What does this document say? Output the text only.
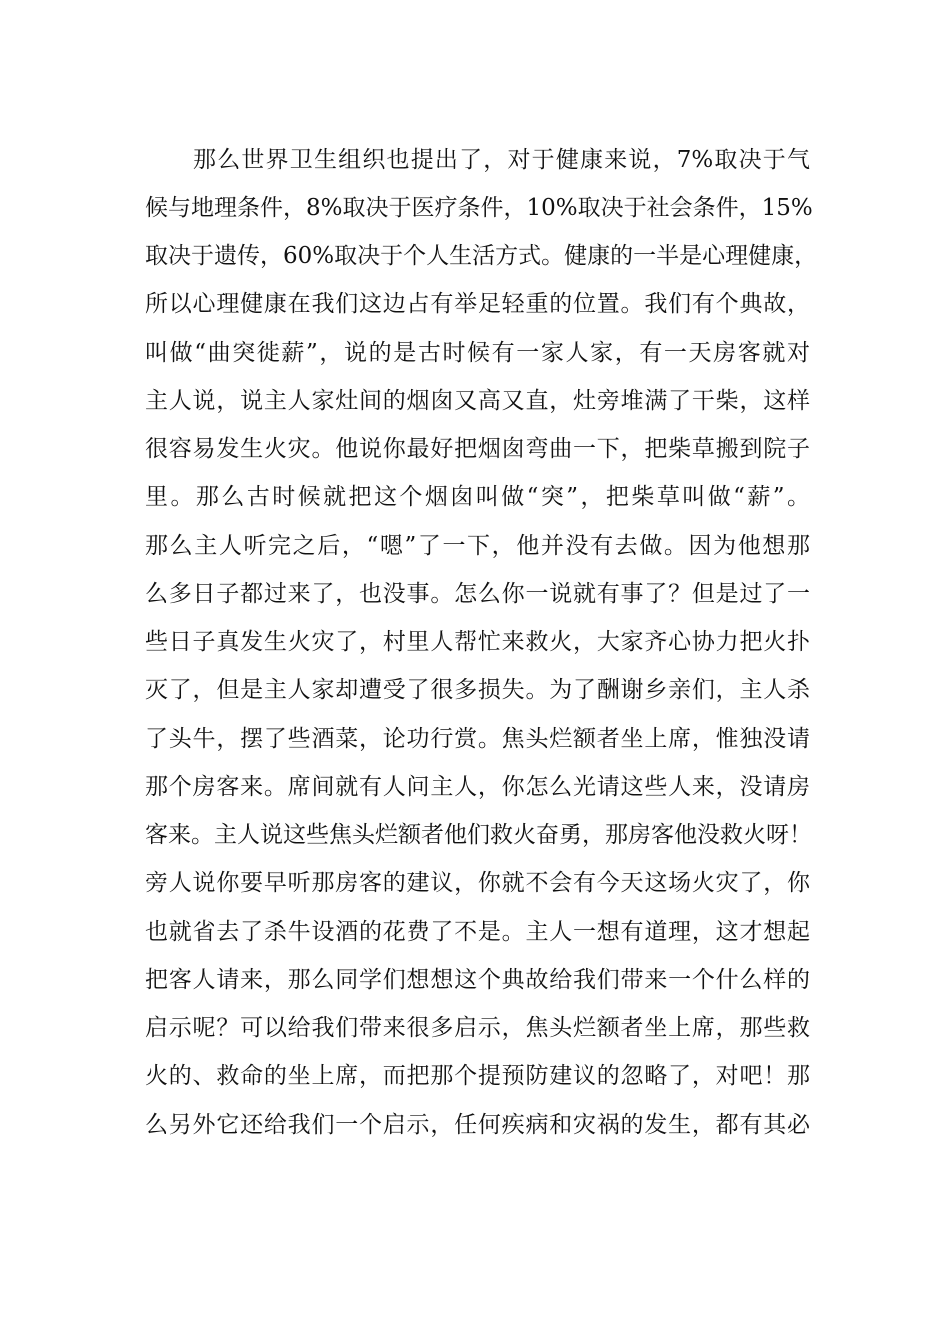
那么世界卫生组织也提出了，对于健康来说，7%取决于气
候与地理条件，8%取决于医疗条件，10%取决于社会条件，15%
取决于遗传，60%取决于个人生活方式。健康的一半是心理健康，
所以心理健康在我们这边占有举足轻重的位置。我们有个典故，
叫做“曲突徙薪”，说的是古时候有一家人家，有一天房客就对
主人说，说主人家灶间的烟囱又高又直，灶旁堆满了干柴，这样
很容易发生火灾。他说你最好把烟囱弯曲一下，把柴草搬到院子
里。那么古时候就把这个烟囱叫做“突”，把柴草叫做“薪”。
那么主人听完之后，“嗯”了一下，他并没有去做。因为他想那
么多日子都过来了，也没事。怎么你一说就有事了？但是过了一
些日子真发生火灾了，村里人帮忙来救火，大家齐心协力把火扑
灭了，但是主人家却遭受了很多损失。为了酬谢乡亲们，主人杀
了头牛，摆了些酒菜，论功行赏。焦头烂额者坐上席，惟独没请
那个房客来。席间就有人问主人，你怎么光请这些人来，没请房
客来。主人说这些焦头烂额者他们救火奋勇，那房客他没救火呀！
旁人说你要早听那房客的建议，你就不会有今天这场火灾了，你
也就省去了杀牛设酒的花费了不是。主人一想有道理，这才想起
把客人请来，那么同学们想想这个典故给我们带来一个什么样的
启示呢？可以给我们带来很多启示，焦头烂额者坐上席，那些救
火的、救命的坐上席，而把那个提预防建议的忽略了，对吧！那
么另外它还给我们一个启示，任何疾病和灾祸的发生，都有其必
